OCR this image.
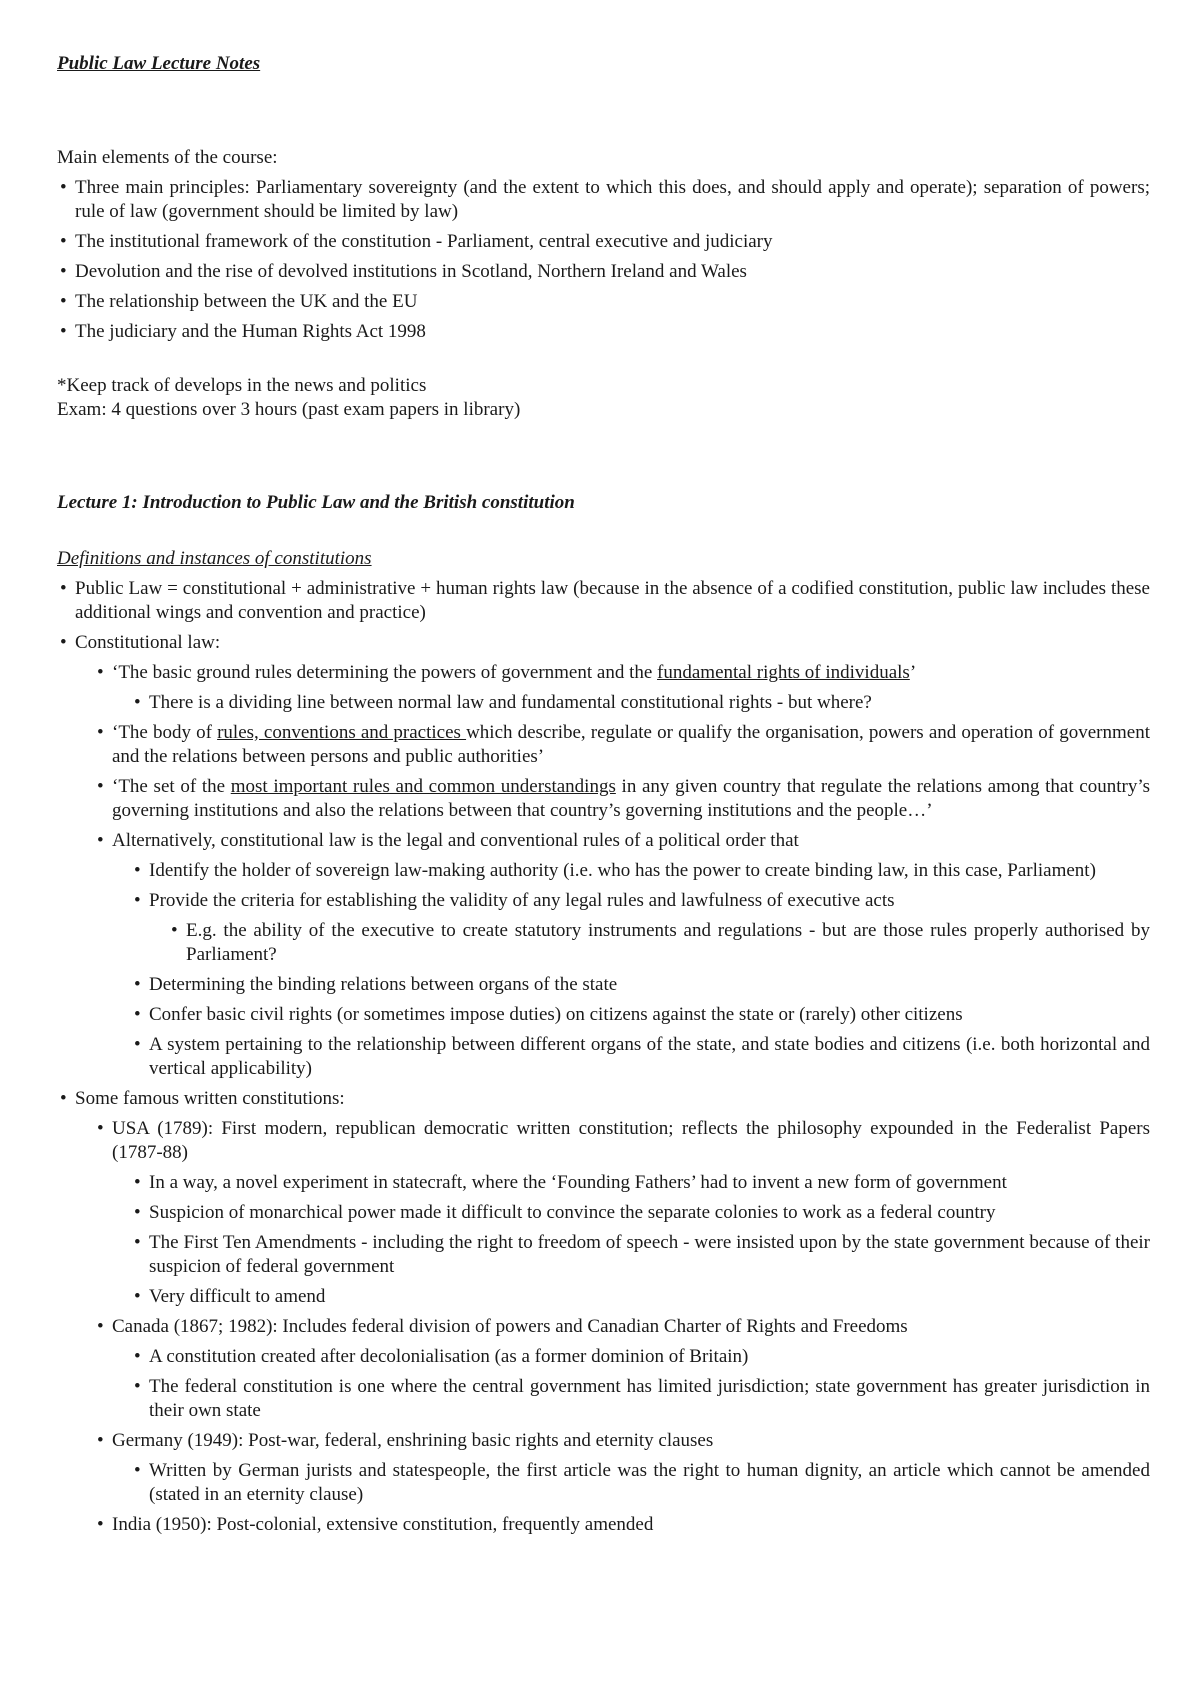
Public Law Lecture Notes

Main elements of the course:

• Three main principles: Parliamentary sovereignty (and the extent to which this does, and should apply and operate); separation of powers; rule of law (government should be limited by law)
• The institutional framework of the constitution - Parliament, central executive and judiciary
• Devolution and the rise of devolved institutions in Scotland, Northern Ireland and Wales
• The relationship between the UK and the EU
• The judiciary and the Human Rights Act 1998

*Keep track of develops in the news and politics

Exam: 4 questions over 3 hours (past exam papers in library)

Lecture 1: Introduction to Public Law and the British constitution

Definitions and instances of constitutions

• Public Law = constitutional + administrative + human rights law (because in the absence of a codified constitution, public law includes these additional wings and convention and practice)
• Constitutional law:
• ‘The basic ground rules determining the powers of government and the fundamental rights of individuals’
• There is a dividing line between normal law and fundamental constitutional rights - but where?
• ‘The body of rules, conventions and practices which describe, regulate or qualify the organisation, powers and operation of government and the relations between persons and public authorities’
• ‘The set of the most important rules and common understandings in any given country that regulate the relations among that country’s governing institutions and also the relations between that country’s governing institutions and the people…’
• Alternatively, constitutional law is the legal and conventional rules of a political order that
• Identify the holder of sovereign law-making authority (i.e. who has the power to create binding law, in this case, Parliament)
• Provide the criteria for establishing the validity of any legal rules and lawfulness of executive acts
• E.g. the ability of the executive to create statutory instruments and regulations - but are those rules properly authorised by Parliament?
• Determining the binding relations between organs of the state
• Confer basic civil rights (or sometimes impose duties) on citizens against the state or (rarely) other citizens
• A system pertaining to the relationship between different organs of the state, and state bodies and citizens (i.e. both horizontal and vertical applicability)
• Some famous written constitutions:
• USA (1789): First modern, republican democratic written constitution; reflects the philosophy expounded in the Federalist Papers (1787-88)
• In a way, a novel experiment in statecraft, where the ‘Founding Fathers’ had to invent a new form of government
• Suspicion of monarchical power made it difficult to convince the separate colonies to work as a federal country
• The First Ten Amendments - including the right to freedom of speech - were insisted upon by the state government because of their suspicion of federal government
• Very difficult to amend
• Canada (1867; 1982): Includes federal division of powers and Canadian Charter of Rights and Freedoms
• A constitution created after decolonialisation (as a former dominion of Britain)
• The federal constitution is one where the central government has limited jurisdiction; state government has greater jurisdiction in their own state
• Germany (1949): Post-war, federal, enshrining basic rights and eternity clauses
• Written by German jurists and statespeople, the first article was the right to human dignity, an article which cannot be amended (stated in an eternity clause)
• India (1950): Post-colonial, extensive constitution, frequently amended
